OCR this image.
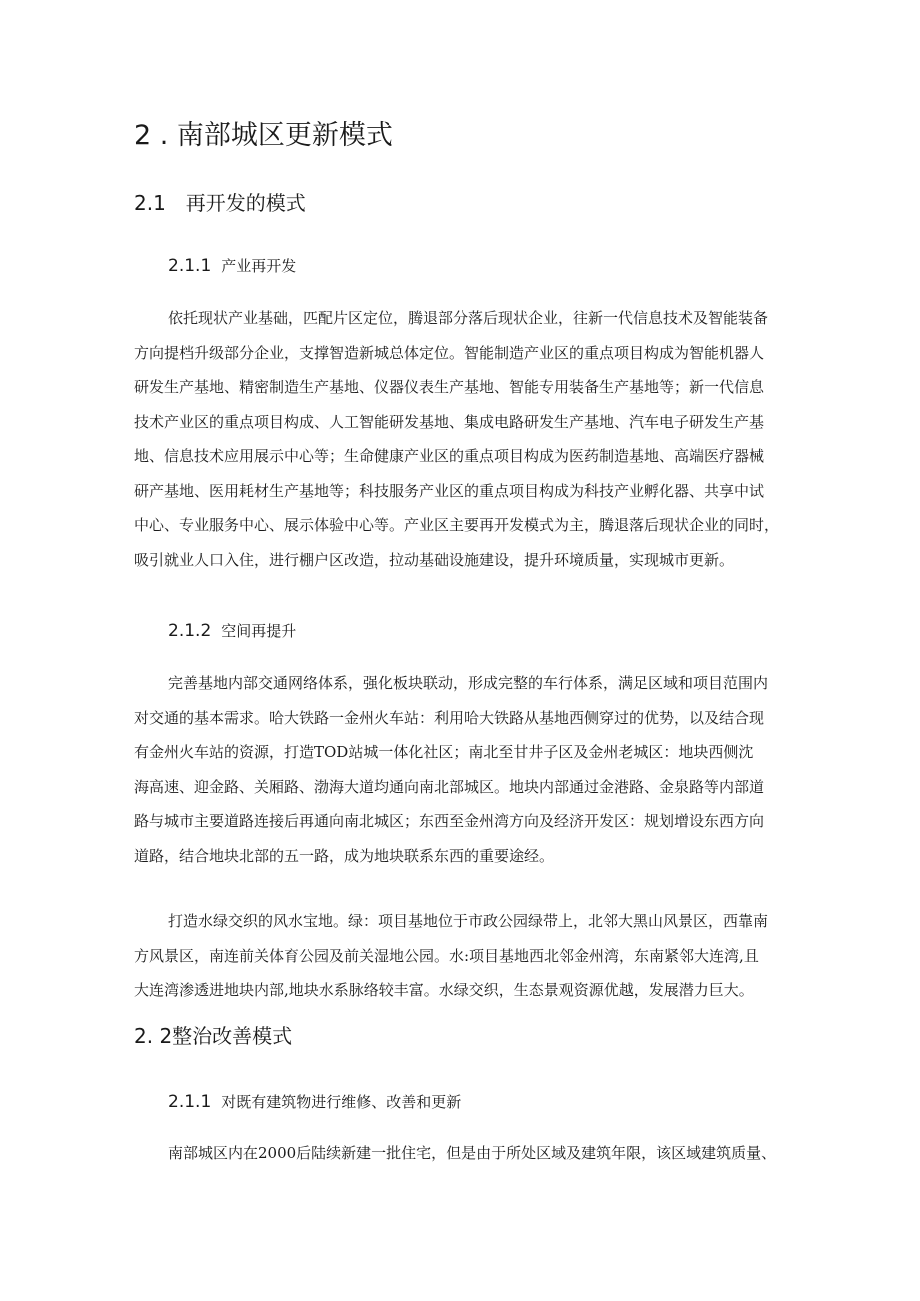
2 . 南部城区更新模式
2.1　再开发的模式
2.1.1 产业再开发

依托现状产业基础，匹配片区定位，腾退部分落后现状企业，往新一代信息技术及智能装备
方向提档升级部分企业，支撑智造新城总体定位。智能制造产业区的重点项目构成为智能机器人
研发生产基地、精密制造生产基地、仪器仪表生产基地、智能专用装备生产基地等；新一代信息
技术产业区的重点项目构成、人工智能研发基地、集成电路研发生产基地、汽车电子研发生产基
地、信息技术应用展示中心等；生命健康产业区的重点项目构成为医药制造基地、高端医疗器械
研产基地、医用耗材生产基地等；科技服务产业区的重点项目构成为科技产业孵化器、共享中试
中心、专业服务中心、展示体验中心等。产业区主要再开发模式为主，腾退落后现状企业的同时，
吸引就业人口入住，进行棚户区改造，拉动基础设施建设，提升环境质量，实现城市更新。

2.1.2 空间再提升

完善基地内部交通网络体系，强化板块联动，形成完整的车行体系，满足区域和项目范围内
对交通的基本需求。哈大铁路一金州火车站：利用哈大铁路从基地西侧穿过的优势，以及结合现
有金州火车站的资源，打造TOD站城一体化社区；南北至甘井子区及金州老城区：地块西侧沈
海高速、迎金路、关厢路、渤海大道均通向南北部城区。地块内部通过金港路、金泉路等内部道
路与城市主要道路连接后再通向南北城区；东西至金州湾方向及经济开发区：规划增设东西方向
道路，结合地块北部的五一路，成为地块联系东西的重要途经。

打造水绿交织的风水宝地。绿：项目基地位于市政公园绿带上，北邻大黑山风景区，西靠南
方风景区，南连前关体育公园及前关湿地公园。水:项目基地西北邻金州湾，东南紧邻大连湾,且
大连湾渗透进地块内部,地块水系脉络较丰富。水绿交织，生态景观资源优越，发展潜力巨大。

2. 2整治改善模式
2.1.1 对既有建筑物进行维修、改善和更新

南部城区内在2000后陆续新建一批住宅，但是由于所处区域及建筑年限，该区域建筑质量、
